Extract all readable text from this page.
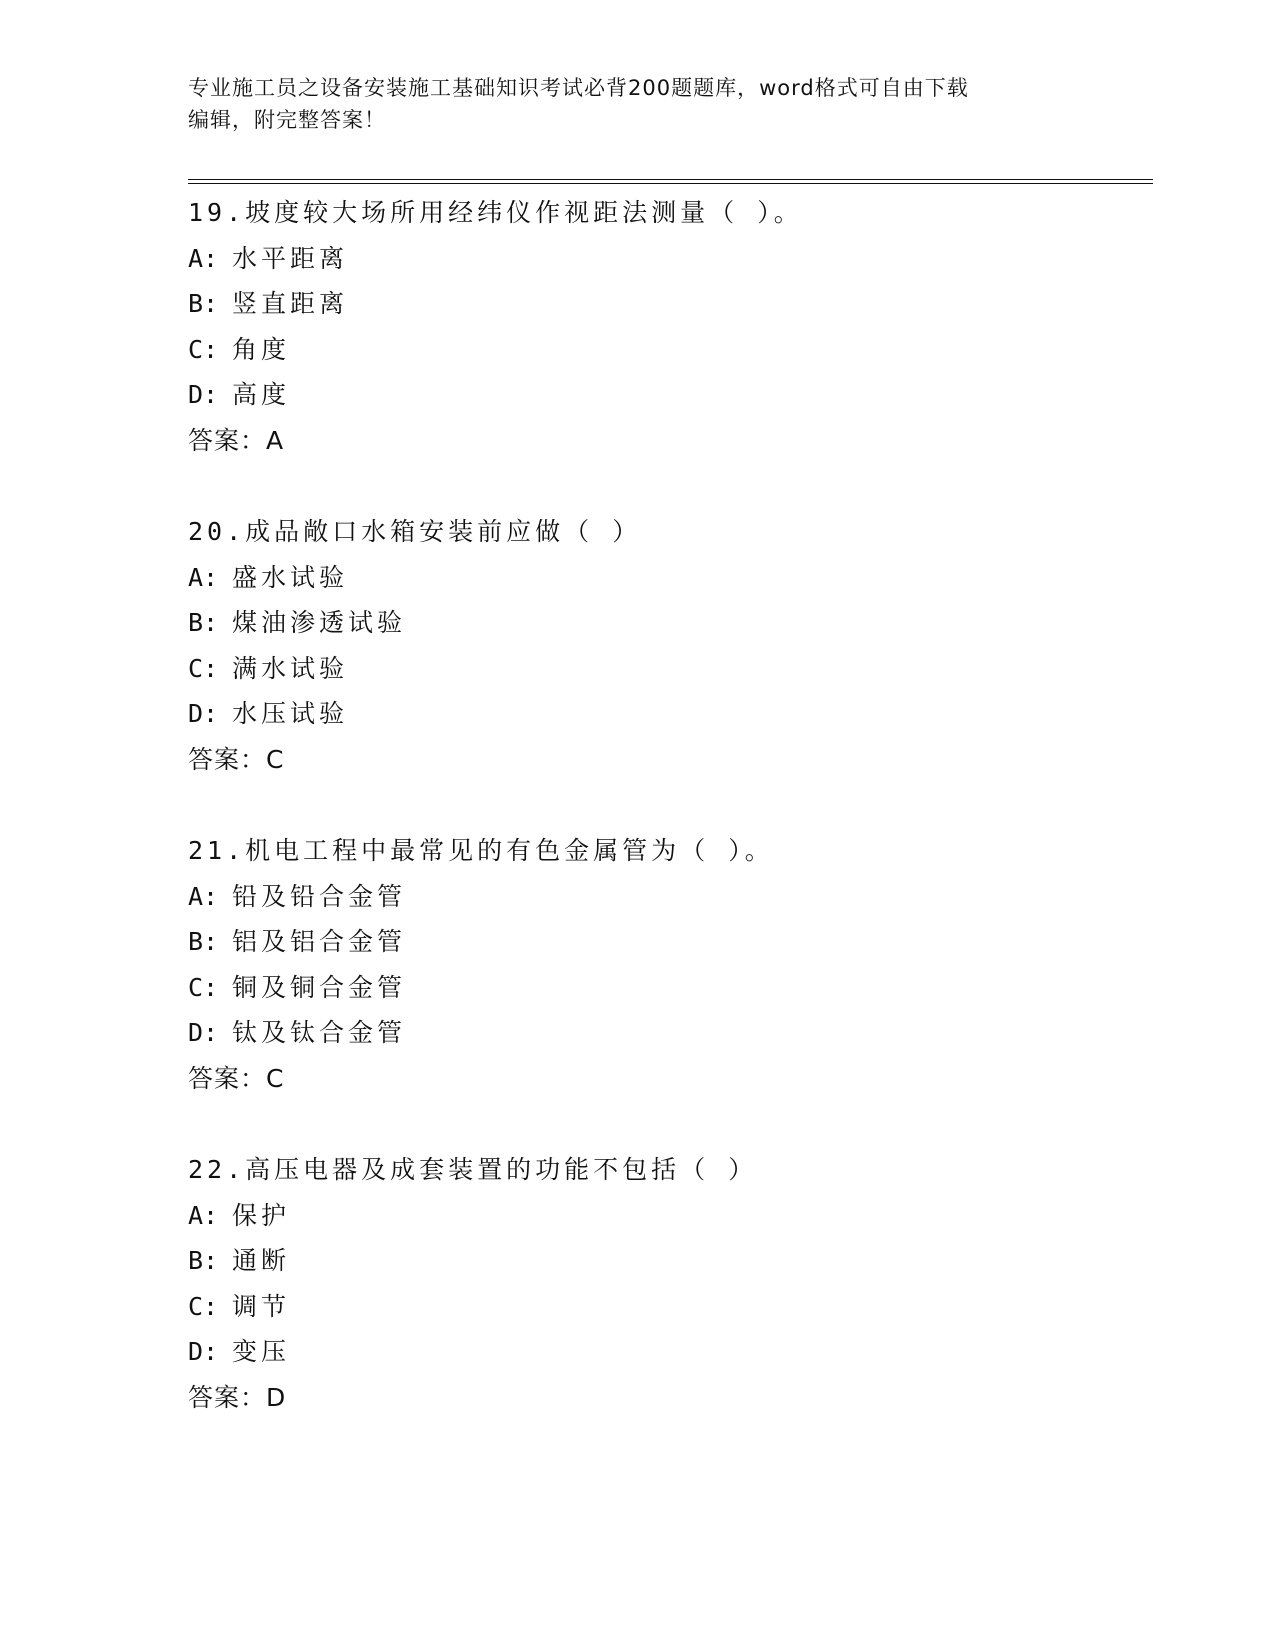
专业施工员之设备安装施工基础知识考试必背200题题库，word格式可自由下载
编辑，附完整答案！
19.坡度较大场所用经纬仪作视距法测量（ ）。
A: 水平距离
B: 竖直距离
C: 角度
D: 高度
答案：A
20.成品敞口水箱安装前应做（ ）
A: 盛水试验
B: 煤油渗透试验
C: 满水试验
D: 水压试验
答案：C
21.机电工程中最常见的有色金属管为（ ）。
A: 铅及铅合金管
B: 铝及铝合金管
C: 铜及铜合金管
D: 钛及钛合金管
答案：C
22.高压电器及成套装置的功能不包括（ ）
A: 保护
B: 通断
C: 调节
D: 变压
答案：D
